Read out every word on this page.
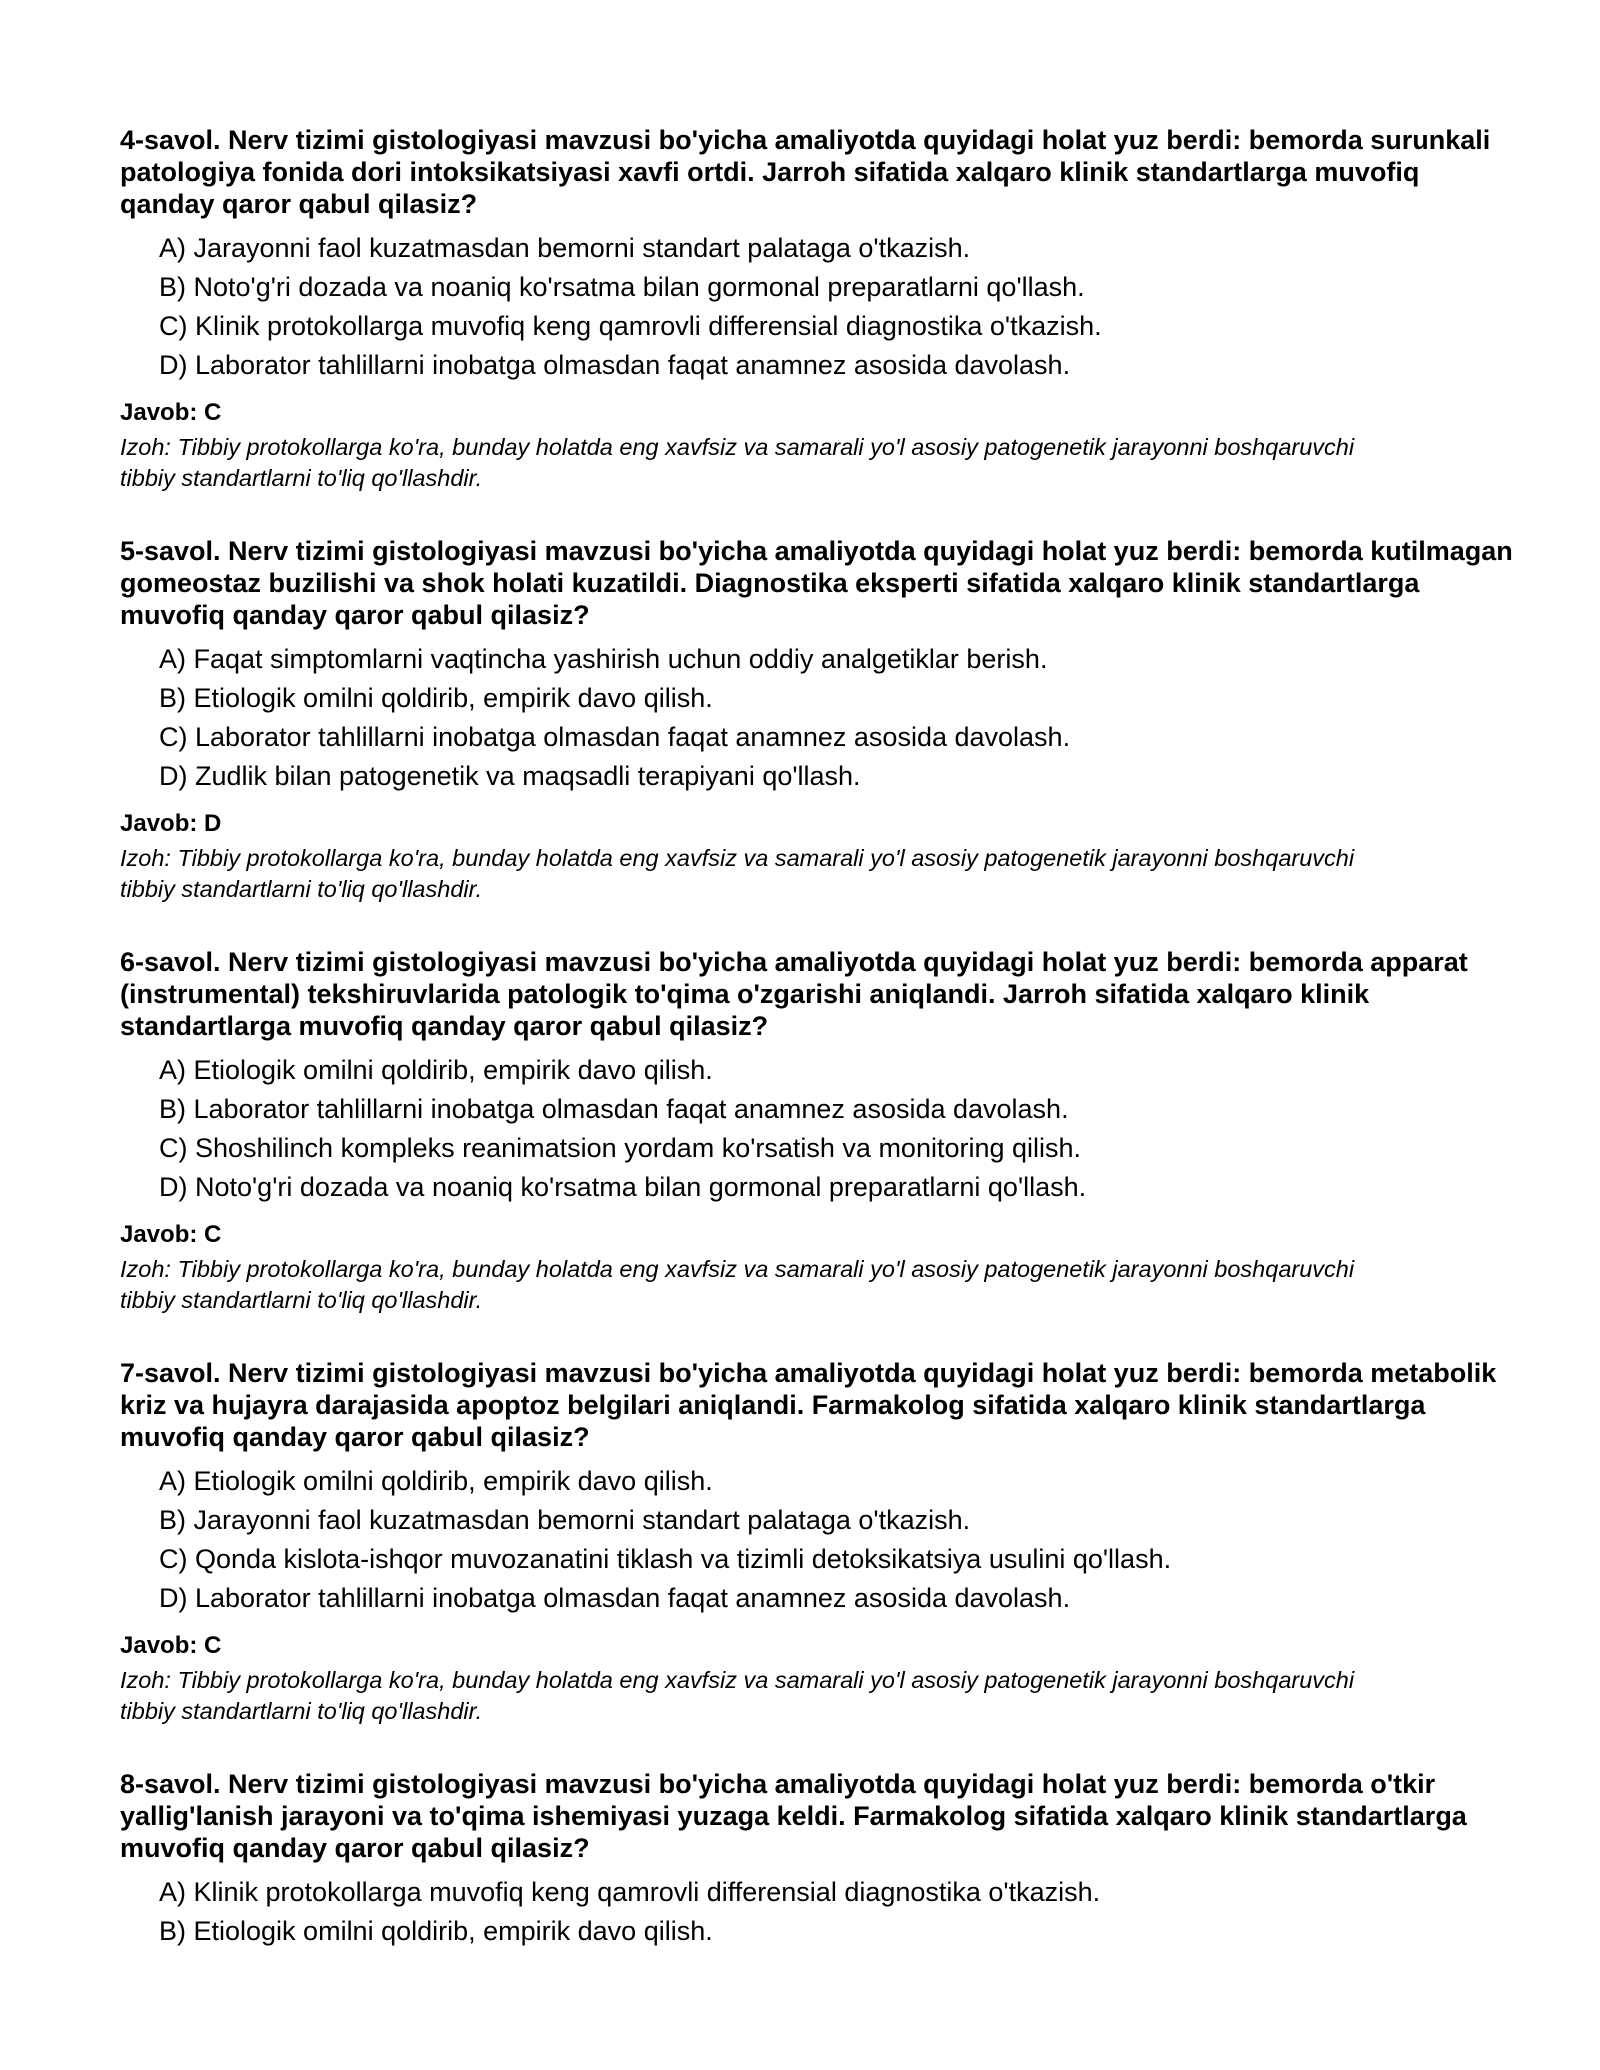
4-savol. Nerv tizimi gistologiyasi mavzusi bo'yicha amaliyotda quyidagi holat yuz berdi: bemorda surunkali patologiya fonida dori intoksikatsiyasi xavfi ortdi. Jarroh sifatida xalqaro klinik standartlarga muvofiq qanday qaror qabul qilasiz?
A) Jarayonni faol kuzatmasdan bemorni standart palataga o'tkazish.
B) Noto'g'ri dozada va noaniq ko'rsatma bilan gormonal preparatlarni qo'llash.
C) Klinik protokollarga muvofiq keng qamrovli differensial diagnostika o'tkazish.
D) Laborator tahlillarni inobatga olmasdan faqat anamnez asosida davolash.
Javob: C
Izoh: Tibbiy protokollarga ko'ra, bunday holatda eng xavfsiz va samarali yo'l asosiy patogenetik jarayonni boshqaruvchi tibbiy standartlarni to'liq qo'llashdir.
5-savol. Nerv tizimi gistologiyasi mavzusi bo'yicha amaliyotda quyidagi holat yuz berdi: bemorda kutilmagan gomeostaz buzilishi va shok holati kuzatildi. Diagnostika eksperti sifatida xalqaro klinik standartlarga muvofiq qanday qaror qabul qilasiz?
A) Faqat simptomlarni vaqtincha yashirish uchun oddiy analgetiklar berish.
B) Etiologik omilni qoldirib, empirik davo qilish.
C) Laborator tahlillarni inobatga olmasdan faqat anamnez asosida davolash.
D) Zudlik bilan patogenetik va maqsadli terapiyani qo'llash.
Javob: D
Izoh: Tibbiy protokollarga ko'ra, bunday holatda eng xavfsiz va samarali yo'l asosiy patogenetik jarayonni boshqaruvchi tibbiy standartlarni to'liq qo'llashdir.
6-savol. Nerv tizimi gistologiyasi mavzusi bo'yicha amaliyotda quyidagi holat yuz berdi: bemorda apparat (instrumental) tekshiruvlarida patologik to'qima o'zgarishi aniqlandi. Jarroh sifatida xalqaro klinik standartlarga muvofiq qanday qaror qabul qilasiz?
A) Etiologik omilni qoldirib, empirik davo qilish.
B) Laborator tahlillarni inobatga olmasdan faqat anamnez asosida davolash.
C) Shoshilinch kompleks reanimatsion yordam ko'rsatish va monitoring qilish.
D) Noto'g'ri dozada va noaniq ko'rsatma bilan gormonal preparatlarni qo'llash.
Javob: C
Izoh: Tibbiy protokollarga ko'ra, bunday holatda eng xavfsiz va samarali yo'l asosiy patogenetik jarayonni boshqaruvchi tibbiy standartlarni to'liq qo'llashdir.
7-savol. Nerv tizimi gistologiyasi mavzusi bo'yicha amaliyotda quyidagi holat yuz berdi: bemorda metabolik kriz va hujayra darajasida apoptoz belgilari aniqlandi. Farmakolog sifatida xalqaro klinik standartlarga muvofiq qanday qaror qabul qilasiz?
A) Etiologik omilni qoldirib, empirik davo qilish.
B) Jarayonni faol kuzatmasdan bemorni standart palataga o'tkazish.
C) Qonda kislota-ishqor muvozanatini tiklash va tizimli detoksikatsiya usulini qo'llash.
D) Laborator tahlillarni inobatga olmasdan faqat anamnez asosida davolash.
Javob: C
Izoh: Tibbiy protokollarga ko'ra, bunday holatda eng xavfsiz va samarali yo'l asosiy patogenetik jarayonni boshqaruvchi tibbiy standartlarni to'liq qo'llashdir.
8-savol. Nerv tizimi gistologiyasi mavzusi bo'yicha amaliyotda quyidagi holat yuz berdi: bemorda o'tkir yallig'lanish jarayoni va to'qima ishemiyasi yuzaga keldi. Farmakolog sifatida xalqaro klinik standartlarga muvofiq qanday qaror qabul qilasiz?
A) Klinik protokollarga muvofiq keng qamrovli differensial diagnostika o'tkazish.
B) Etiologik omilni qoldirib, empirik davo qilish.
